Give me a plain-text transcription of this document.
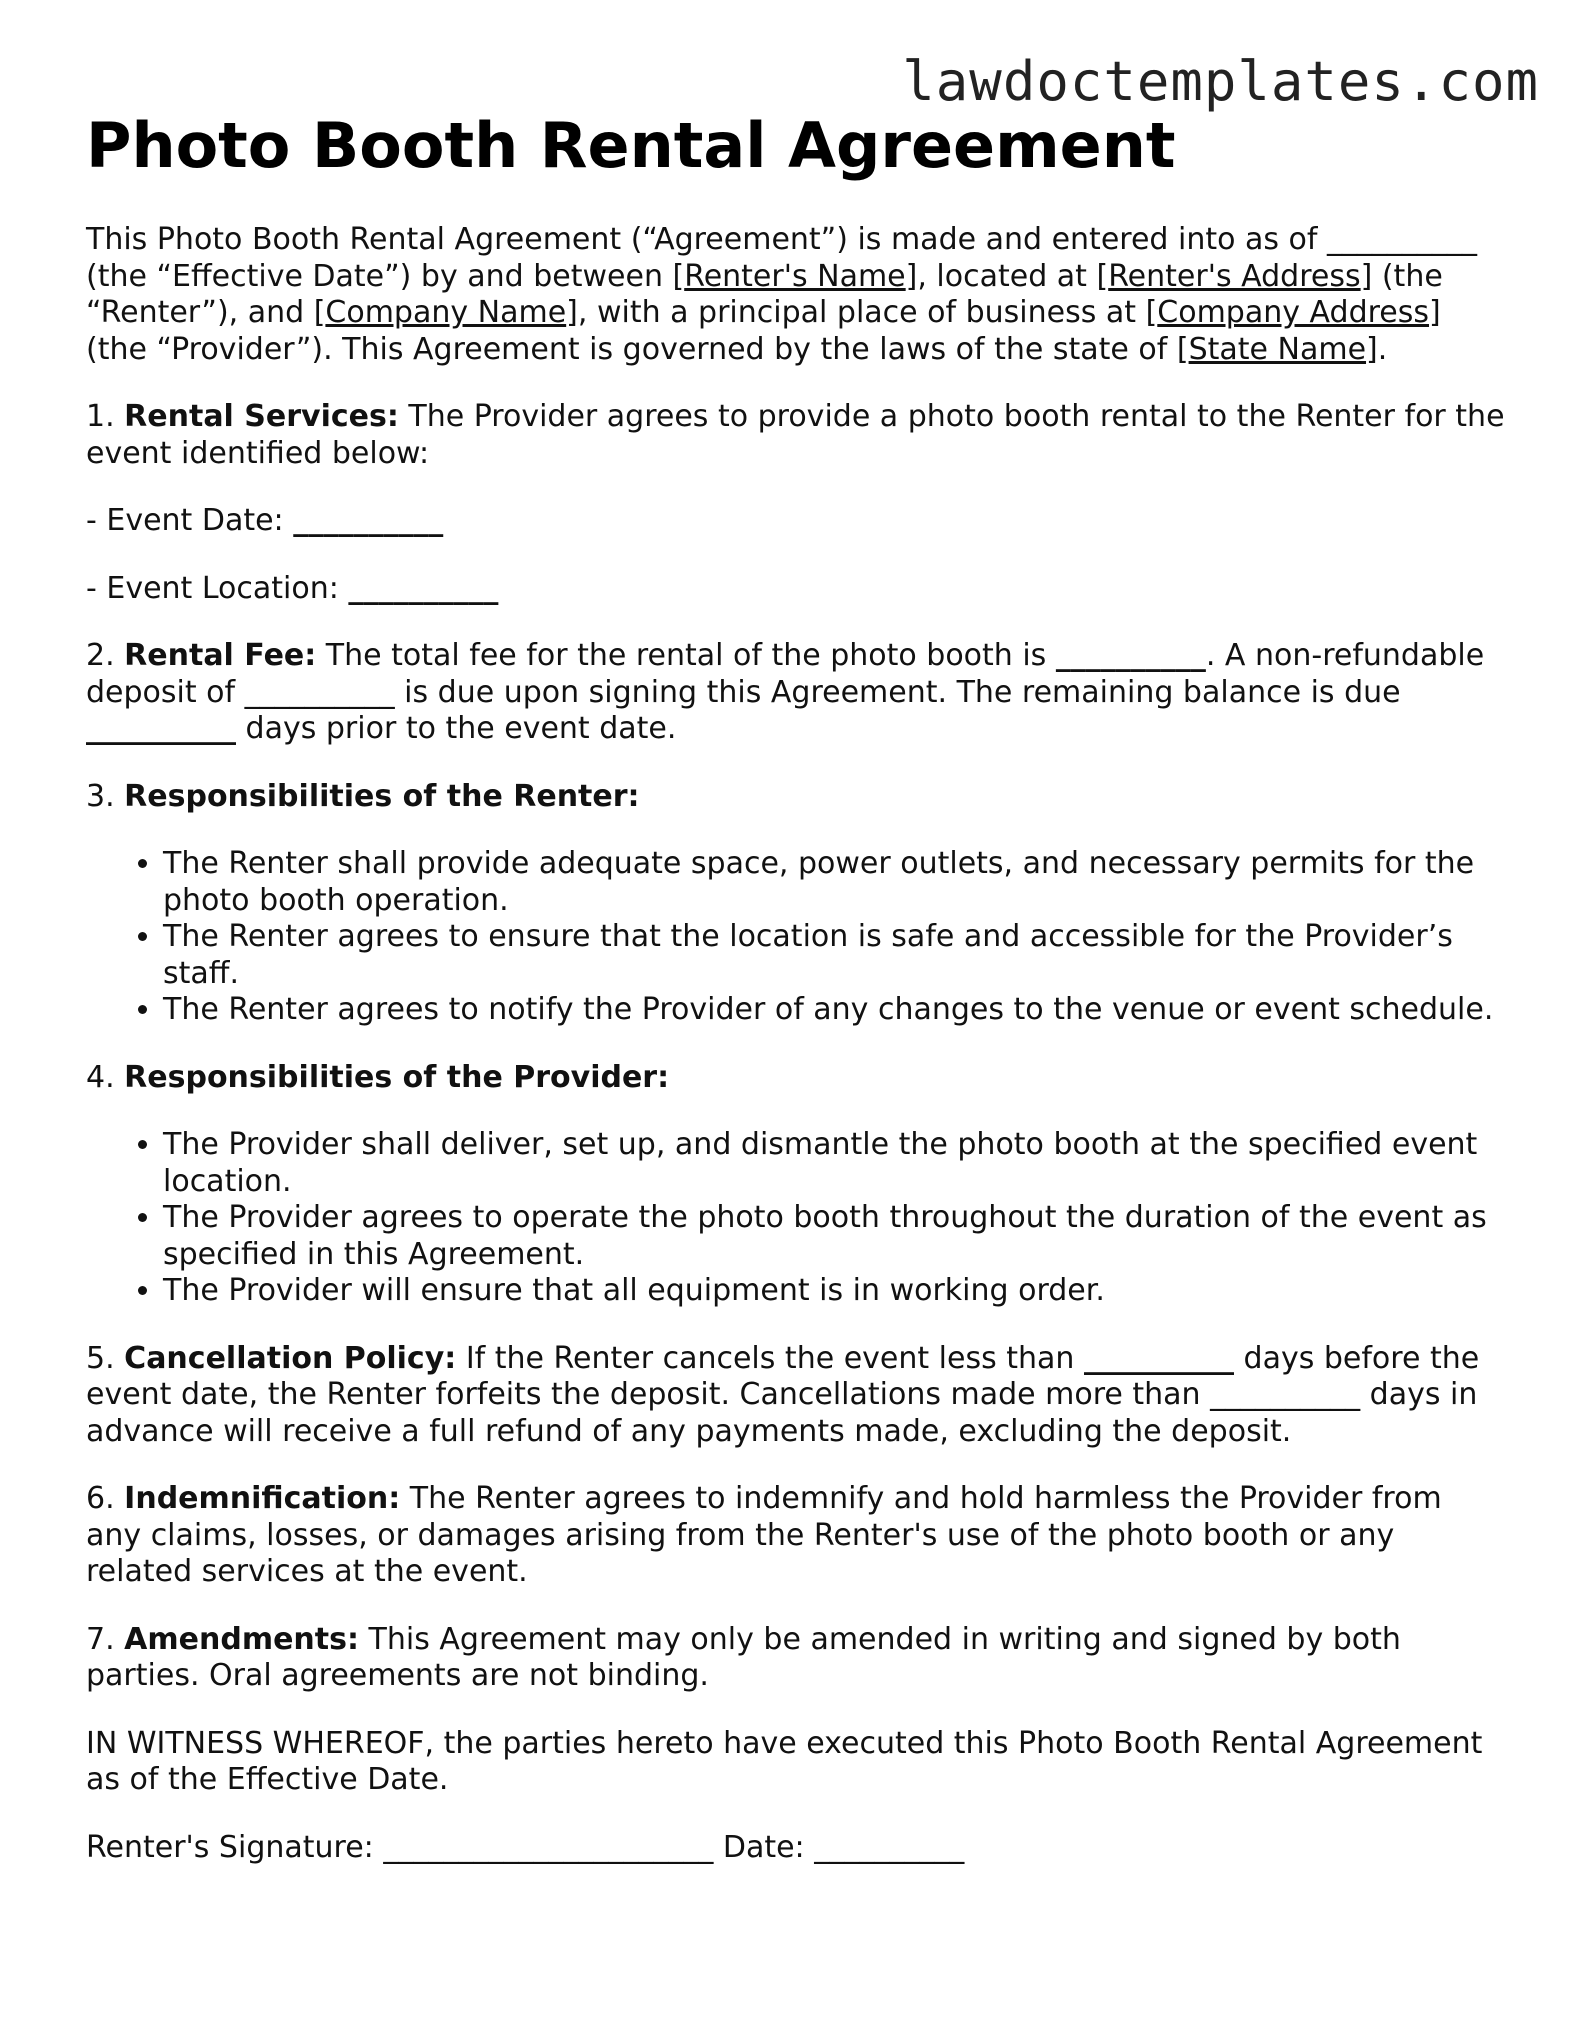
lawdoctemplates.com
Photo Booth Rental Agreement

This Photo Booth Rental Agreement (“Agreement”) is made and entered into as of __________ (the “Effective Date”) by and between [Renter's Name], located at [Renter's Address] (the “Renter”), and [Company Name], with a principal place of business at [Company Address] (the “Provider”). This Agreement is governed by the laws of the state of [State Name].

1. Rental Services: The Provider agrees to provide a photo booth rental to the Renter for the event identified below:

- Event Date: __________

- Event Location: __________

2. Rental Fee: The total fee for the rental of the photo booth is __________. A non-refundable deposit of __________ is due upon signing this Agreement. The remaining balance is due __________ days prior to the event date.

3. Responsibilities of the Renter:

• The Renter shall provide adequate space, power outlets, and necessary permits for the photo booth operation.
• The Renter agrees to ensure that the location is safe and accessible for the Provider’s staff.
• The Renter agrees to notify the Provider of any changes to the venue or event schedule.

4. Responsibilities of the Provider:

• The Provider shall deliver, set up, and dismantle the photo booth at the specified event location.
• The Provider agrees to operate the photo booth throughout the duration of the event as specified in this Agreement.
• The Provider will ensure that all equipment is in working order.

5. Cancellation Policy: If the Renter cancels the event less than __________ days before the event date, the Renter forfeits the deposit. Cancellations made more than __________ days in advance will receive a full refund of any payments made, excluding the deposit.

6. Indemnification: The Renter agrees to indemnify and hold harmless the Provider from any claims, losses, or damages arising from the Renter's use of the photo booth or any related services at the event.

7. Amendments: This Agreement may only be amended in writing and signed by both parties. Oral agreements are not binding.

IN WITNESS WHEREOF, the parties hereto have executed this Photo Booth Rental Agreement as of the Effective Date.

Renter's Signature: ______________________ Date: __________
